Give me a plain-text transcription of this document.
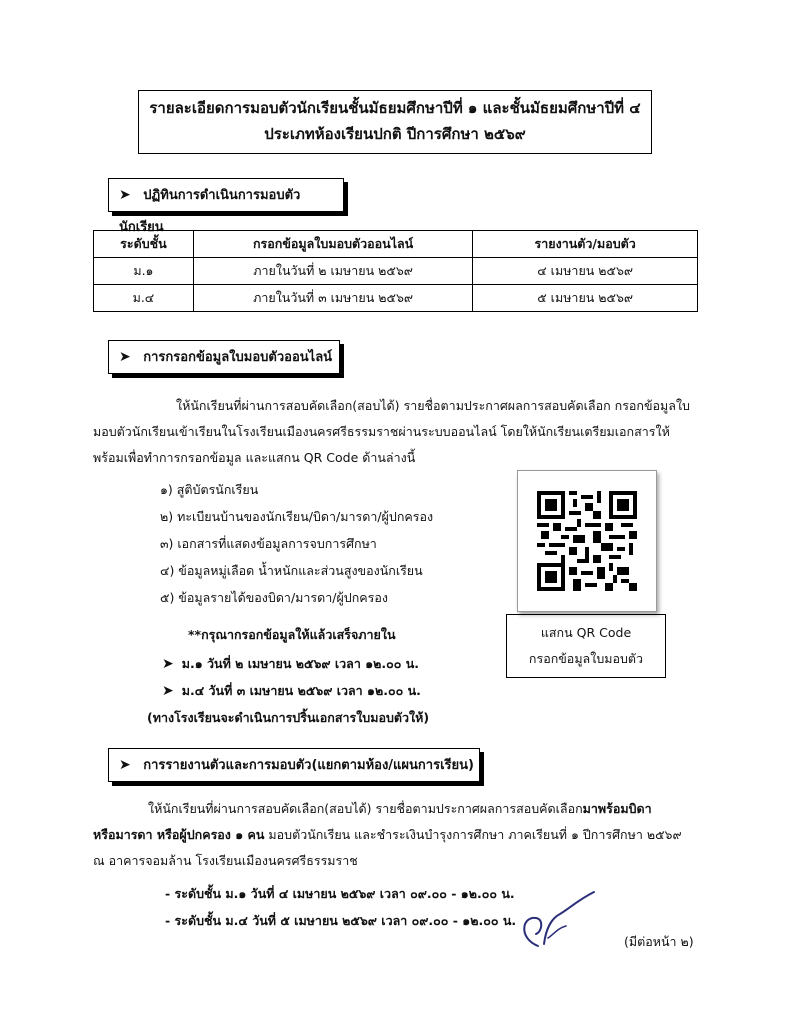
รายละเอียดการมอบตัวนักเรียนชั้นมัธยมศึกษาปีที่ ๑ และชั้นมัธยมศึกษาปีที่ ๔
ประเภทห้องเรียนปกติ ปีการศึกษา ๒๕๖๙
➤ ปฏิทินการดำเนินการมอบตัวนักเรียน
ระดับชั้น	กรอกข้อมูลใบมอบตัวออนไลน์	รายงานตัว/มอบตัว
ม.๑	ภายในวันที่ ๒ เมษายน ๒๕๖๙	๔ เมษายน ๒๕๖๙
ม.๔	ภายในวันที่ ๓ เมษายน ๒๕๖๙	๕ เมษายน ๒๕๖๙
➤ การกรอกข้อมูลใบมอบตัวออนไลน์
ให้นักเรียนที่ผ่านการสอบคัดเลือก(สอบได้) รายชื่อตามประกาศผลการสอบคัดเลือก กรอกข้อมูลใบ
มอบตัวนักเรียนเข้าเรียนในโรงเรียนเมืองนครศรีธรรมราชผ่านระบบออนไลน์ โดยให้นักเรียนเตรียมเอกสารให้
พร้อมเพื่อทำการกรอกข้อมูล และแสกน QR Code ด้านล่างนี้
๑) สูติบัตรนักเรียน
๒) ทะเบียนบ้านของนักเรียน/บิดา/มารดา/ผู้ปกครอง
๓) เอกสารที่แสดงข้อมูลการจบการศึกษา
๔) ข้อมูลหมู่เลือด น้ำหนักและส่วนสูงของนักเรียน
๕) ข้อมูลรายได้ของบิดา/มารดา/ผู้ปกครอง
แสกน QR Code
กรอกข้อมูลใบมอบตัว
**กรุณากรอกข้อมูลให้แล้วเสร็จภายใน
➤ ม.๑ วันที่ ๒ เมษายน ๒๕๖๙ เวลา ๑๒.๐๐ น.
➤ ม.๔ วันที่ ๓ เมษายน ๒๕๖๙ เวลา ๑๒.๐๐ น.
(ทางโรงเรียนจะดำเนินการปริ้นเอกสารใบมอบตัวให้)
➤ การรายงานตัวและการมอบตัว(แยกตามห้อง/แผนการเรียน)
ให้นักเรียนที่ผ่านการสอบคัดเลือก(สอบได้) รายชื่อตามประกาศผลการสอบคัดเลือกมาพร้อมบิดา
หรือมารดา หรือผู้ปกครอง ๑ คน มอบตัวนักเรียน และชำระเงินบำรุงการศึกษา ภาคเรียนที่ ๑ ปีการศึกษา ๒๕๖๙
ณ อาคารจอมล้าน โรงเรียนเมืองนครศรีธรรมราช
- ระดับชั้น ม.๑ วันที่ ๔ เมษายน ๒๕๖๙ เวลา ๐๙.๐๐ - ๑๒.๐๐ น.
- ระดับชั้น ม.๔ วันที่ ๕ เมษายน ๒๕๖๙ เวลา ๐๙.๐๐ - ๑๒.๐๐ น.
(มีต่อหน้า ๒)
